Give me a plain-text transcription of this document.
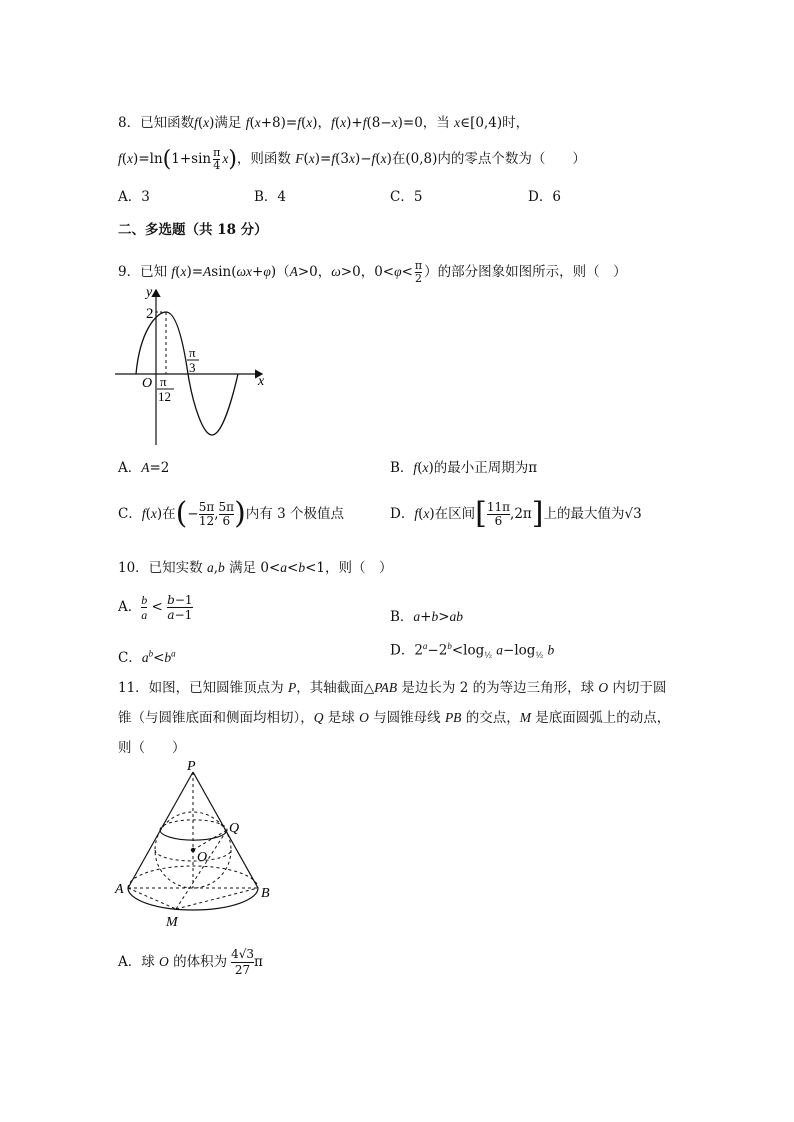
8．已知函数f(x)满足 f(x+8)=f(x)，f(x)+f(8−x)=0，当 x∈[0,4)时，
$f(x)=\ln(1+\sin \frac{\pi}{4} x)$，则函数 F(x)=f(3x)−f(x)在(0,8)内的零点个数为（　　）
A．3	B．4	C．5	D．6
二、多选题（共 18 分）
9．已知 f(x)=Asin(ωx+φ)（A>0，ω>0，$0<\varphi< \frac{\pi}{2}$ ）的部分图象如图所示，则（　）
y
x
O
2
π
12
π
3
A．A=2	B．f(x)的最小正周期为π
C．f(x)在(− $\frac{5\pi}{12}$ , $\frac{5\pi}{6}$ )内有 3 个极值点	D．f(x)在区间[ $\frac{11\pi}{6} ,2\pi$]上的最大值为√3
10．已知实数 a,b 满足 0<a<b<1，则（　）
A． $\frac{b}{a} < \frac{b-1}{a-1}$	B．a+b>ab
C．$a^b<b^a$	D．$2^a-2^b<\log_{\frac{1}{2}}$ $a-\log_{\frac{1}{2}}$ b
11．如图，已知圆锥顶点为 P，其轴截面△PAB 是边长为 2 的为等边三角形，球 O 内切于圆
锥（与圆锥底面和侧面均相切），Q 是球 O 与圆锥母线 PB 的交点，M 是底面圆弧上的动点，
则（　　）
P
Q
O
A	B
M
A．球 O 的体积为 $\frac{4√3}{27}$ π
